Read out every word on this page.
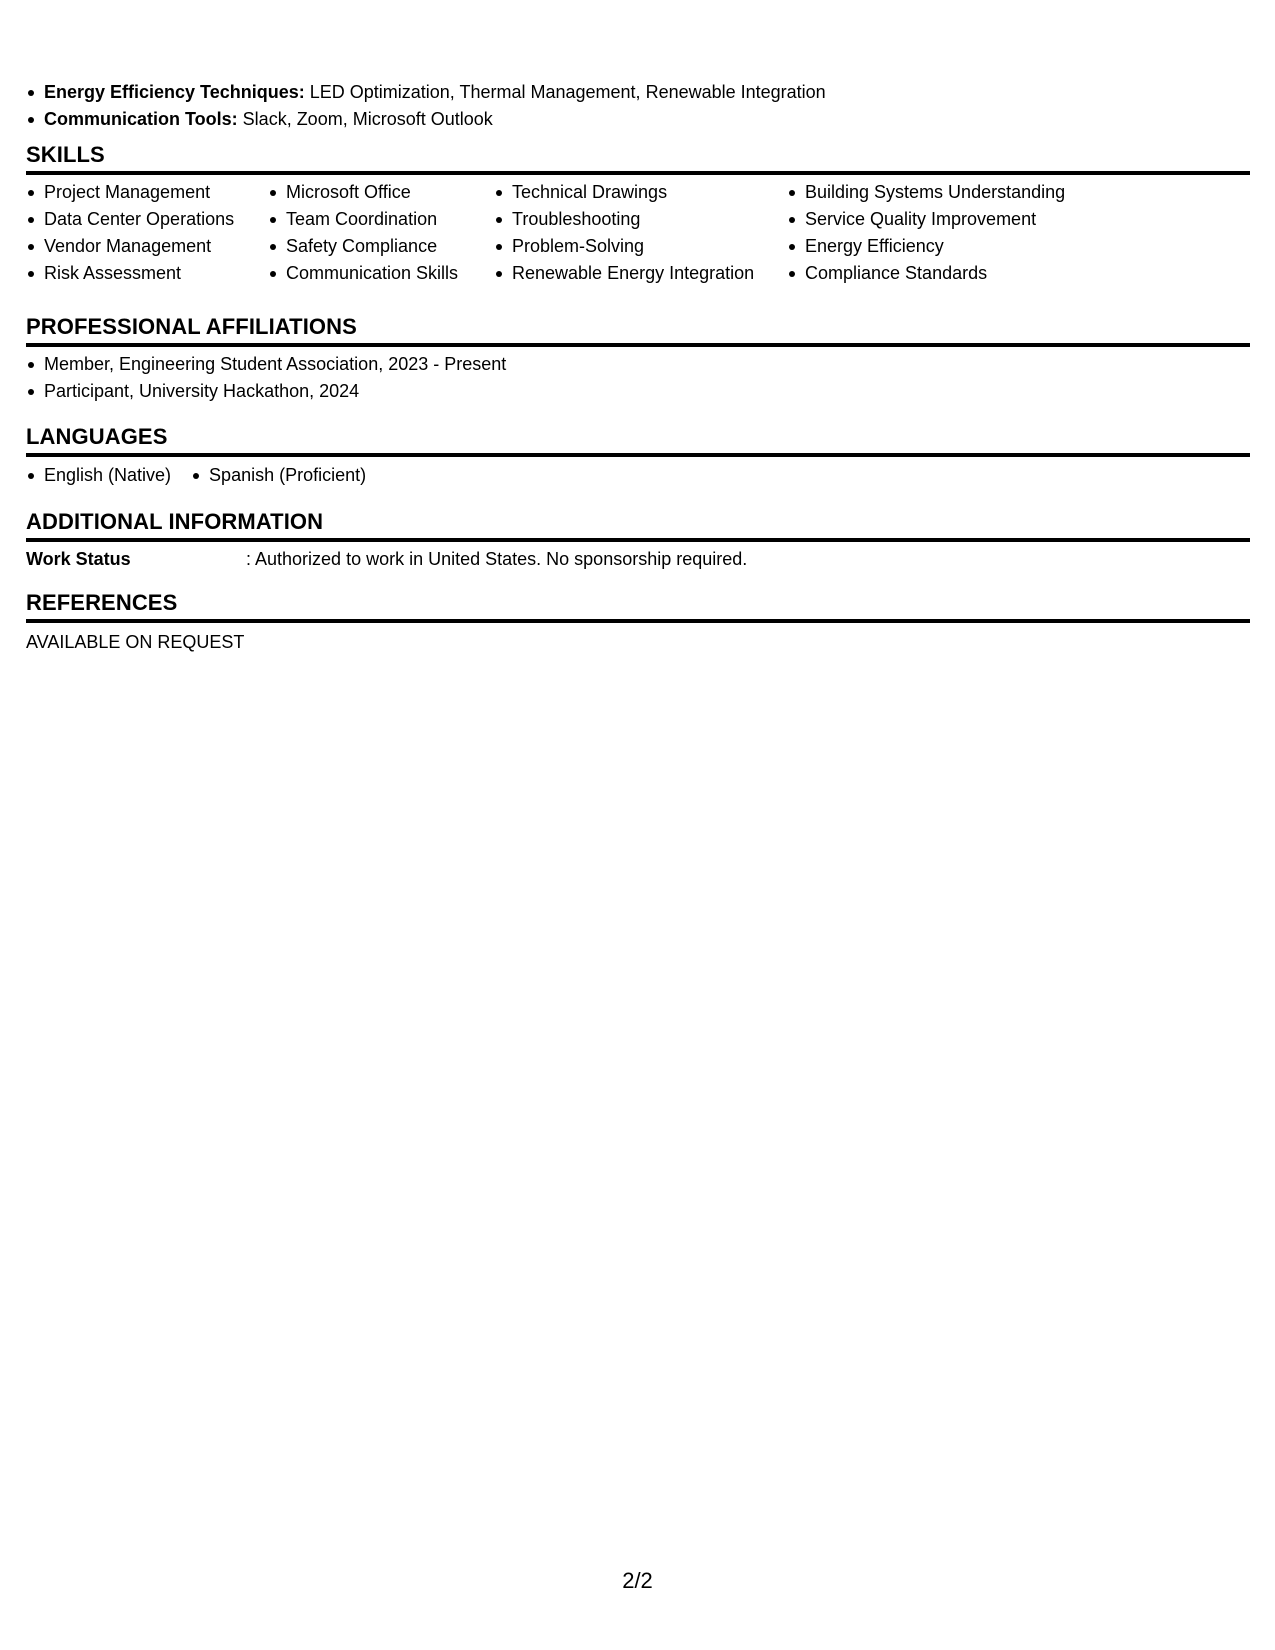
Energy Efficiency Techniques: LED Optimization, Thermal Management, Renewable Integration
Communication Tools: Slack, Zoom, Microsoft Outlook
SKILLS
Project Management
Data Center Operations
Vendor Management
Risk Assessment
Microsoft Office
Team Coordination
Safety Compliance
Communication Skills
Technical Drawings
Troubleshooting
Problem-Solving
Renewable Energy Integration
Building Systems Understanding
Service Quality Improvement
Energy Efficiency
Compliance Standards
PROFESSIONAL AFFILIATIONS
Member, Engineering Student Association, 2023 - Present
Participant, University Hackathon, 2024
LANGUAGES
English (Native)	Spanish (Proficient)
ADDITIONAL INFORMATION
Work Status	: Authorized to work in United States. No sponsorship required.
REFERENCES
AVAILABLE ON REQUEST
2/2
